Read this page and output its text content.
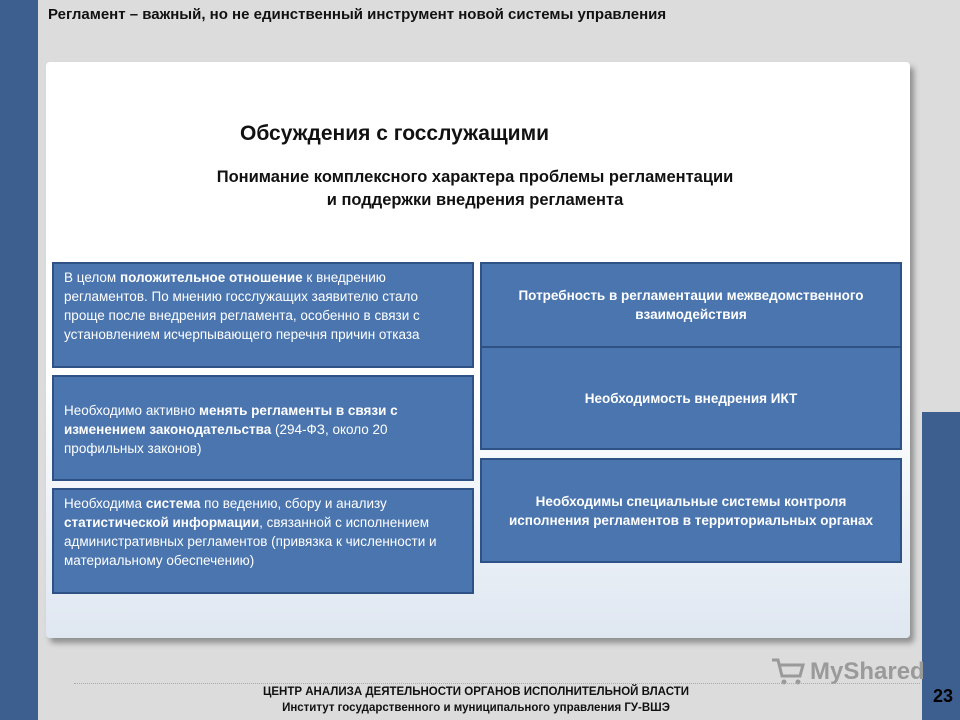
23
Регламент – важный, но не единственный инструмент новой системы управления
Обсуждения с госслужащими
Понимание комплексного характера проблемы регламентации
и поддержки внедрения регламента
В целом положительное отношение к внедрению регламентов. По мнению госслужащих заявителю стало проще после внедрения регламента, особенно в связи с установлением исчерпывающего перечня причин отказа
Необходимо активно менять регламенты в связи с изменением законодательства (294-ФЗ, около 20 профильных законов)
Необходима система по ведению, сбору и анализу статистической информации, связанной с исполнением административных регламентов (привязка к численности и материальному обеспечению)
Потребность в регламентации межведомственного взаимодействия
Необходимость внедрения ИКТ
Необходимы специальные системы контроля исполнения регламентов в территориальных органах
MyShared
ЦЕНТР АНАЛИЗА ДЕЯТЕЛЬНОСТИ ОРГАНОВ ИСПОЛНИТЕЛЬНОЙ ВЛАСТИ
Институт государственного и муниципального управления ГУ-ВШЭ
